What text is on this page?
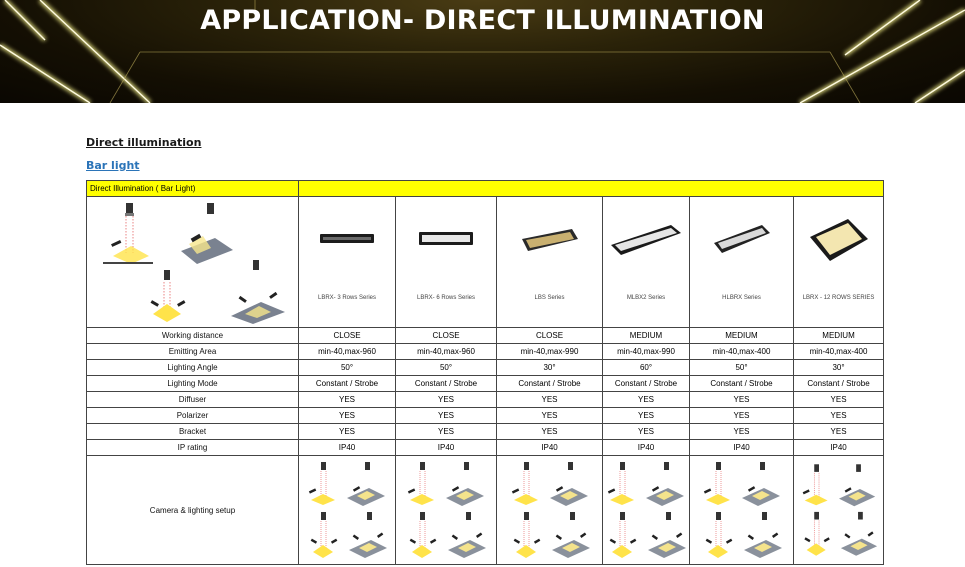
APPLICATION- DIRECT ILLUMINATION
Direct illumination
Bar light
Direct Illumination ( Bar Light)						

LBRX- 3 Rows Series	LBRX- 6 Rows Series	LBS Series	MLBX2 Series	HLBRX Series	LBRX - 12 ROWS SERIES

Working distance	CLOSE	CLOSE	CLOSE	MEDIUM	MEDIUM	MEDIUM
Emitting Area	min-40,max-960	min-40,max-960	min-40,max-990	min-40,max-990	min-40,max-400	min-40,max-400
Lighting Angle	50°	50°	30°	60°	50°	30°
Lighting Mode	Constant / Strobe	Constant / Strobe	Constant / Strobe	Constant / Strobe	Constant / Strobe	Constant / Strobe
Diffuser	YES	YES	YES	YES	YES	YES
Polarizer	YES	YES	YES	YES	YES	YES
Bracket	YES	YES	YES	YES	YES	YES
IP rating	IP40	IP40	IP40	IP40	IP40	IP40
Camera & lighting setup	
